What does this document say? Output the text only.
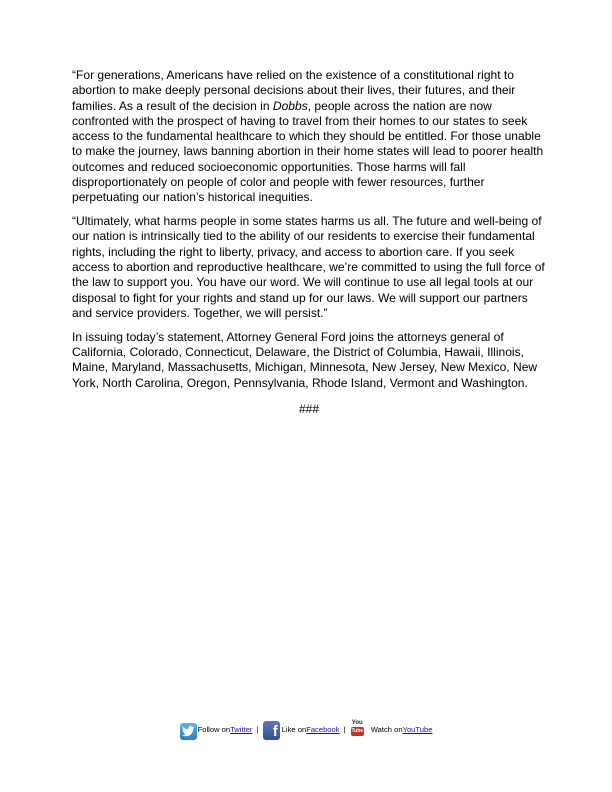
“For generations, Americans have relied on the existence of a constitutional right to abortion to make deeply personal decisions about their lives, their futures, and their families. As a result of the decision in Dobbs, people across the nation are now confronted with the prospect of having to travel from their homes to our states to seek access to the fundamental healthcare to which they should be entitled. For those unable to make the journey, laws banning abortion in their home states will lead to poorer health outcomes and reduced socioeconomic opportunities. Those harms will fall disproportionately on people of color and people with fewer resources, further perpetuating our nation’s historical inequities.

“Ultimately, what harms people in some states harms us all. The future and well-being of our nation is intrinsically tied to the ability of our residents to exercise their fundamental rights, including the right to liberty, privacy, and access to abortion care. If you seek access to abortion and reproductive healthcare, we’re committed to using the full force of the law to support you. You have our word. We will continue to use all legal tools at our disposal to fight for your rights and stand up for our laws. We will support our partners and service providers. Together, we will persist.”

In issuing today’s statement, Attorney General Ford joins the attorneys general of California, Colorado, Connecticut, Delaware, the District of Columbia, Hawaii, Illinois, Maine, Maryland, Massachusetts, Michigan, Minnesota, New Jersey, New Mexico, New York, North Carolina, Oregon, Pennsylvania, Rhode Island, Vermont and Washington.

###
Follow on Twitter | f Like on Facebook |
You
Tube Watch on YouTube
